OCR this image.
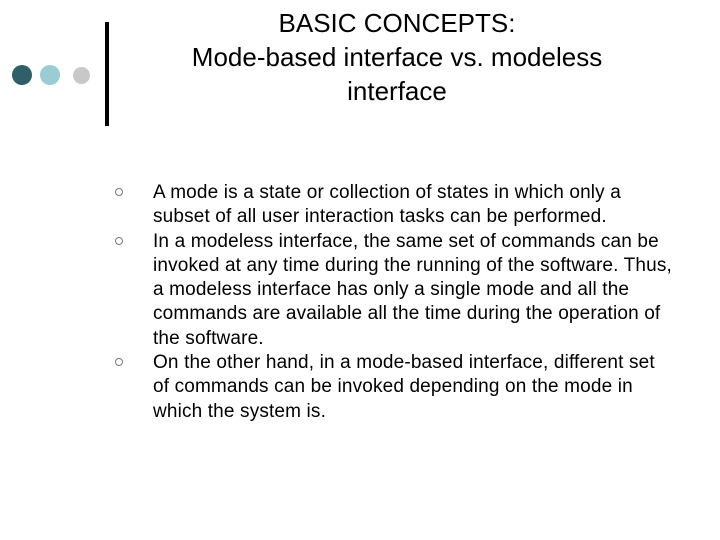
BASIC CONCEPTS:
Mode-based interface vs. modeless
interface
A mode is a state or collection of states in which only a subset of all user interaction tasks can be performed.
In a modeless interface, the same set of commands can be invoked at any time during the running of the software. Thus, a modeless interface has only a single mode and all the commands are available all the time during the operation of the software.
On the other hand, in a mode-based interface, different set of commands can be invoked depending on the mode in which the system is.
